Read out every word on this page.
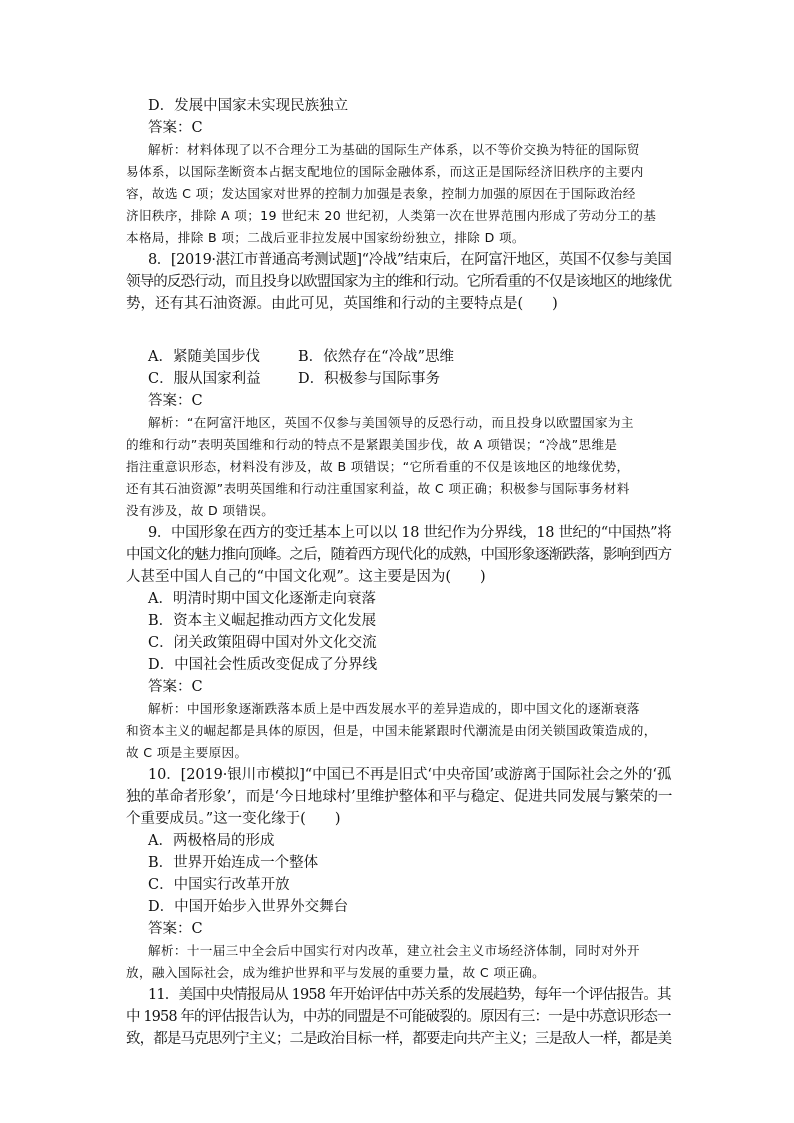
D．发展中国家未实现民族独立
答案：C
解析：材料体现了以不合理分工为基础的国际生产体系，以不等价交换为特征的国际贸
易体系，以国际垄断资本占据支配地位的国际金融体系，而这正是国际经济旧秩序的主要内
容，故选 C 项；发达国家对世界的控制力加强是表象，控制力加强的原因在于国际政治经
济旧秩序，排除 A 项；19 世纪末 20 世纪初，人类第一次在世界范围内形成了劳动分工的基
本格局，排除 B 项；二战后亚非拉发展中国家纷纷独立，排除 D 项。
8．[2019·湛江市普通高考测试题]“冷战”结束后，在阿富汗地区，英国不仅参与美国
领导的反恐行动，而且投身以欧盟国家为主的维和行动。它所看重的不仅是该地区的地缘优
势，还有其石油资源。由此可见，英国维和行动的主要特点是(　　)
A．紧随美国步伐	B．依然存在“冷战”思维
C．服从国家利益	D．积极参与国际事务
答案：C
解析：“在阿富汗地区，英国不仅参与美国领导的反恐行动，而且投身以欧盟国家为主
的维和行动”表明英国维和行动的特点不是紧跟美国步伐，故 A 项错误；“冷战”思维是
指注重意识形态，材料没有涉及，故 B 项错误；“它所看重的不仅是该地区的地缘优势，
还有其石油资源”表明英国维和行动注重国家利益，故 C 项正确；积极参与国际事务材料
没有涉及，故 D 项错误。
9．中国形象在西方的变迁基本上可以以 18 世纪作为分界线，18 世纪的“中国热”将
中国文化的魅力推向顶峰。之后，随着西方现代化的成熟，中国形象逐渐跌落，影响到西方
人甚至中国人自己的“中国文化观”。这主要是因为(　　)
A．明清时期中国文化逐渐走向衰落
B．资本主义崛起推动西方文化发展
C．闭关政策阻碍中国对外文化交流
D．中国社会性质改变促成了分界线
答案：C
解析：中国形象逐渐跌落本质上是中西发展水平的差异造成的，即中国文化的逐渐衰落
和资本主义的崛起都是具体的原因，但是，中国未能紧跟时代潮流是由闭关锁国政策造成的，
故 C 项是主要原因。
10．[2019·银川市模拟]“中国已不再是旧式‘中央帝国’或游离于国际社会之外的‘孤
独的革命者形象’，而是‘今日地球村’里维护整体和平与稳定、促进共同发展与繁荣的一
个重要成员。”这一变化缘于(　　)
A．两极格局的形成
B．世界开始连成一个整体
C．中国实行改革开放
D．中国开始步入世界外交舞台
答案：C
解析：十一届三中全会后中国实行对内改革，建立社会主义市场经济体制，同时对外开
放，融入国际社会，成为维护世界和平与发展的重要力量，故 C 项正确。
11．美国中央情报局从 1958 年开始评估中苏关系的发展趋势，每年一个评估报告。其
中 1958 年的评估报告认为，中苏的同盟是不可能破裂的。原因有三：一是中苏意识形态一
致，都是马克思列宁主义；二是政治目标一样，都要走向共产主义；三是敌人一样，都是美
